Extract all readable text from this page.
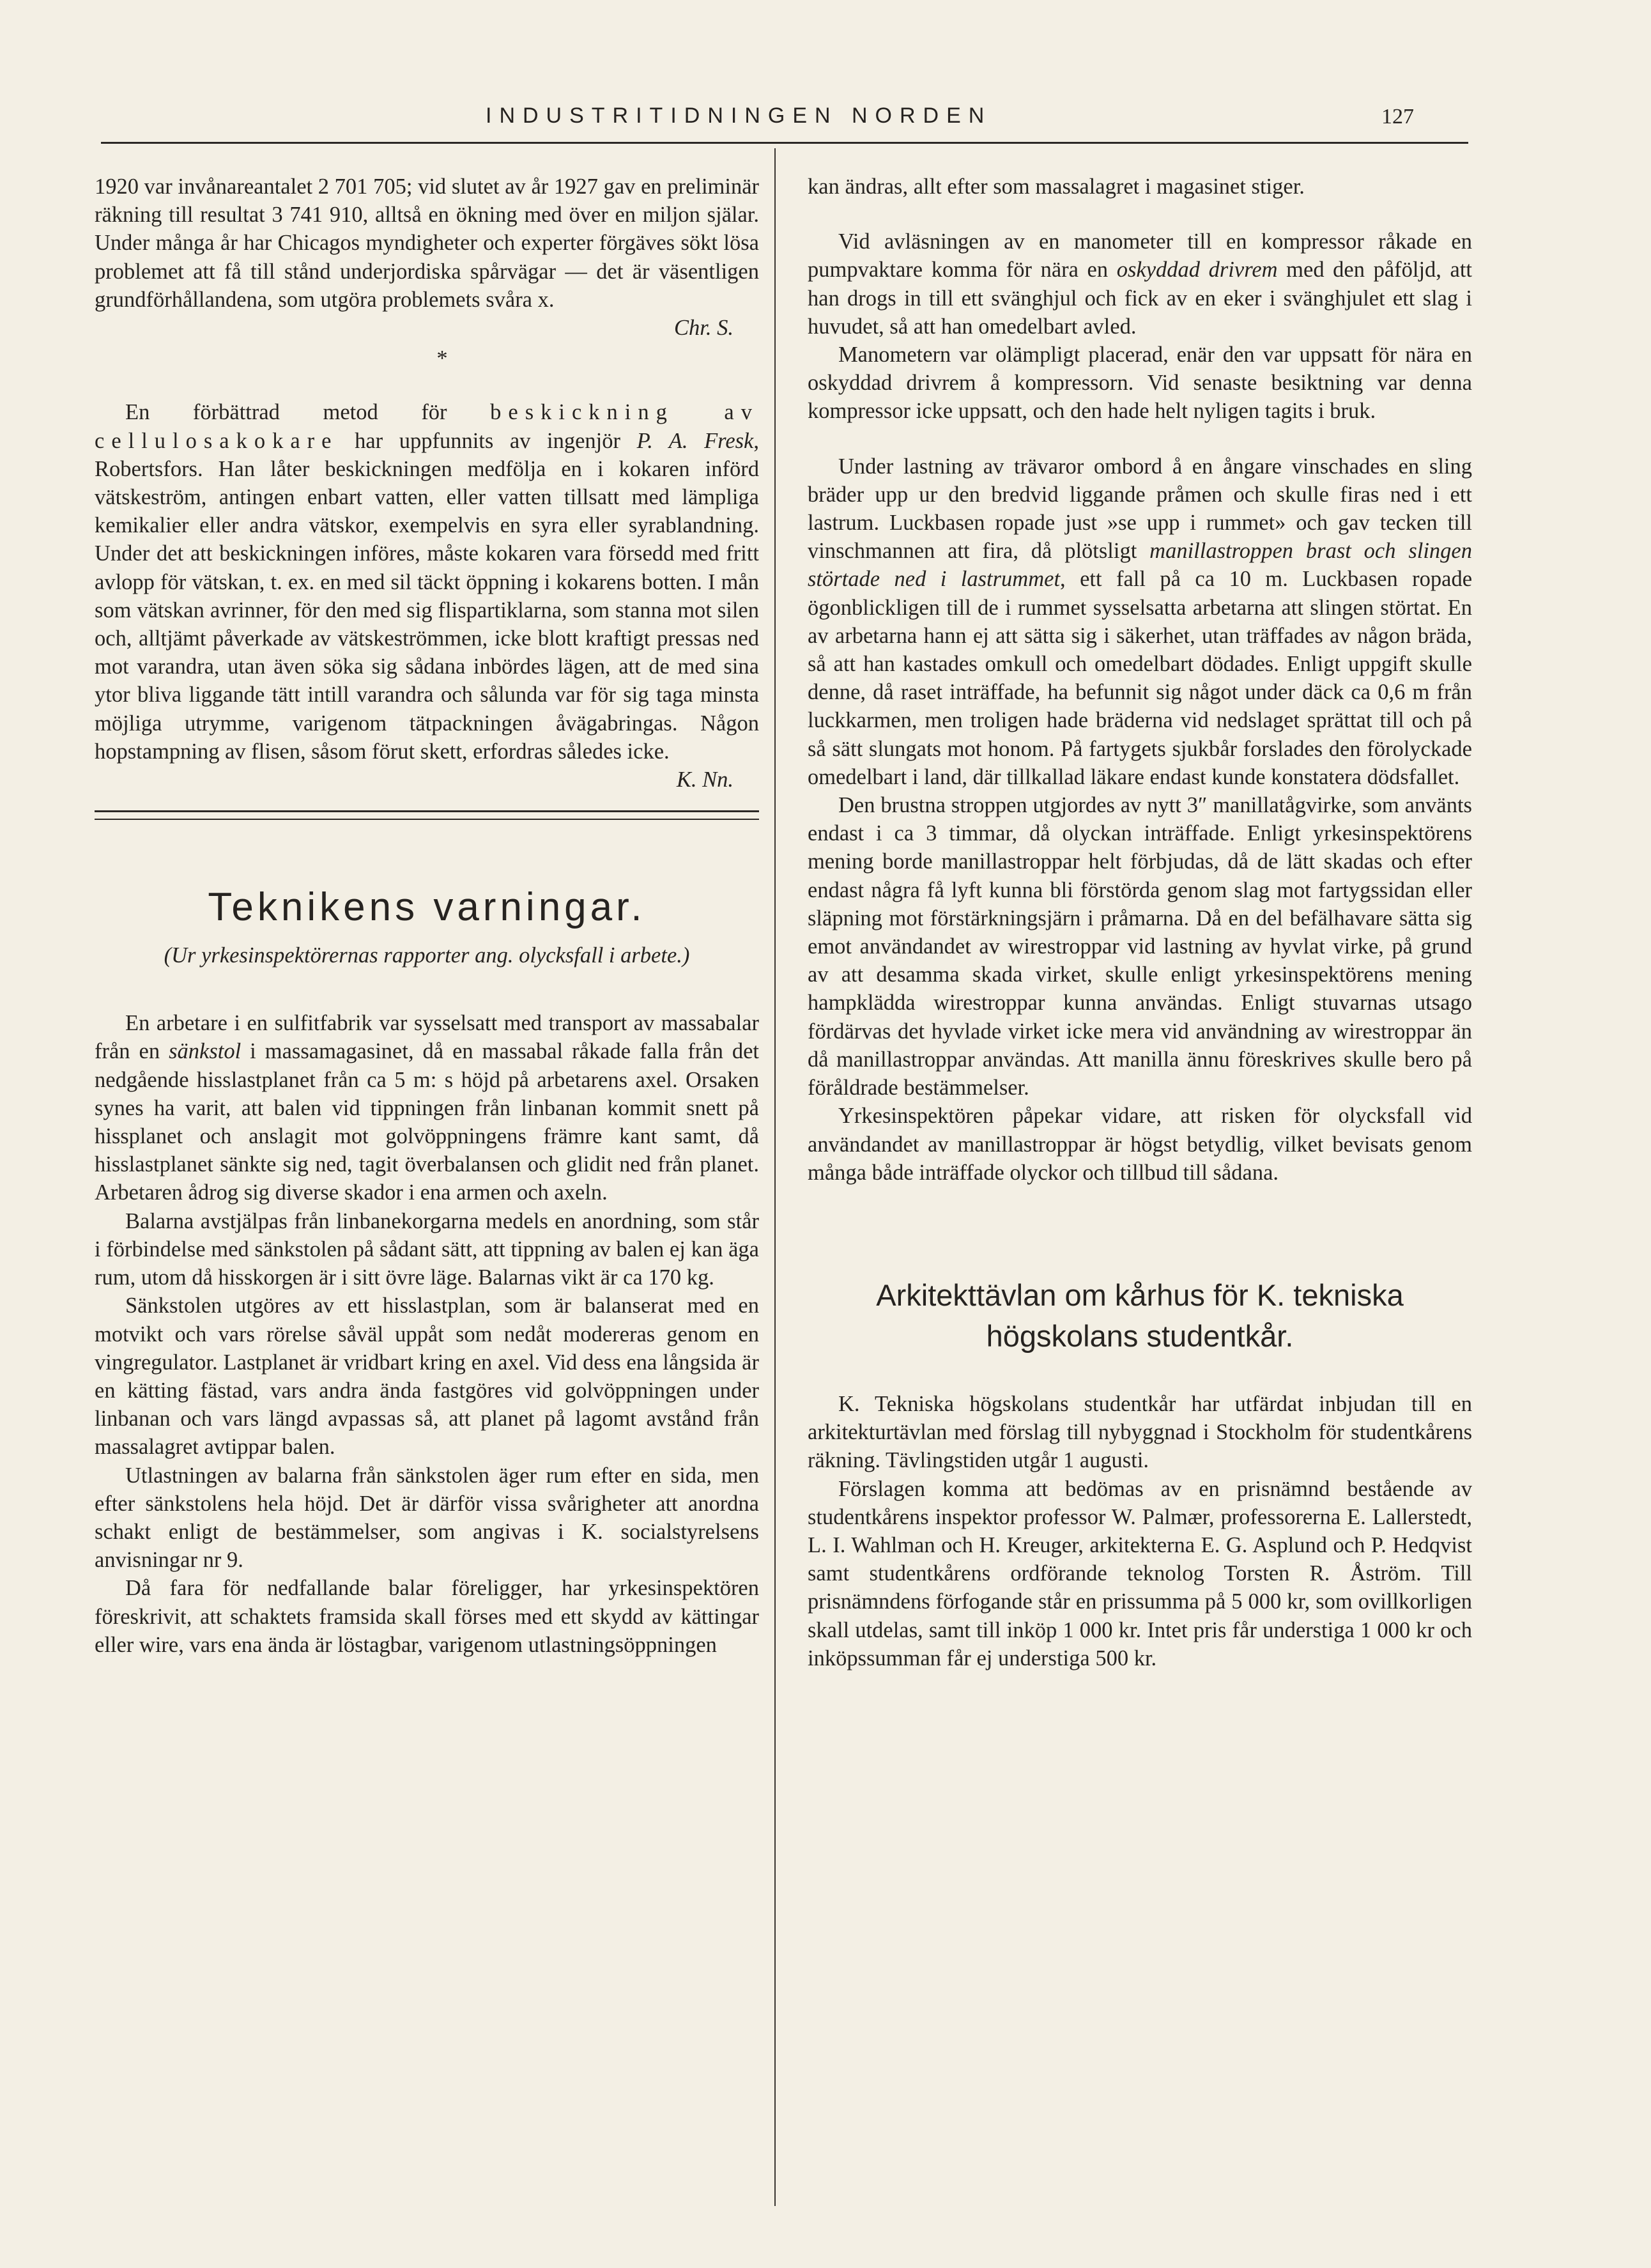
INDUSTRITIDNINGEN NORDEN	127

1920 var invånareantalet 2 701 705; vid slutet av år 1927 gav en preliminär räkning till resultat 3 741 910, alltså en ökning med över en miljon själar. Under många år har Chicagos myndigheter och experter förgäves sökt lösa problemet att få till stånd underjordiska spårvägar — det är väsentligen grundförhållandena, som utgöra problemets svåra x.

Chr. S.

*

En förbättrad metod för beskickning av cellulosakokare har uppfunnits av ingenjör P. A. Fresk, Robertsfors. Han låter beskickningen medfölja en i kokaren införd vätskeström, antingen enbart vatten, eller vatten tillsatt med lämpliga kemikalier eller andra vätskor, exempelvis en syra eller syrablandning. Under det att beskickningen införes, måste kokaren vara försedd med fritt avlopp för vätskan, t. ex. en med sil täckt öppning i kokarens botten. I mån som vätskan avrinner, för den med sig flispartiklarna, som stanna mot silen och, alltjämt påverkade av vätskeströmmen, icke blott kraftigt pressas ned mot varandra, utan även söka sig sådana inbördes lägen, att de med sina ytor bliva liggande tätt intill varandra och sålunda var för sig taga minsta möjliga utrymme, varigenom tätpackningen åvägabringas. Någon hopstampning av flisen, såsom förut skett, erfordras således icke.

K. Nn.

Teknikens varningar.
(Ur yrkesinspektörernas rapporter ang. olycksfall i arbete.)

En arbetare i en sulfitfabrik var sysselsatt med transport av massabalar från en sänkstol i massamagasinet, då en massabal råkade falla från det nedgående hisslastplanet från ca 5 m: s höjd på arbetarens axel. Orsaken synes ha varit, att balen vid tippningen från linbanan kommit snett på hissplanet och anslagit mot golvöppningens främre kant samt, då hisslastplanet sänkte sig ned, tagit överbalansen och glidit ned från planet. Arbetaren ådrog sig diverse skador i ena armen och axeln.

Balarna avstjälpas från linbanekorgarna medels en anordning, som står i förbindelse med sänkstolen på sådant sätt, att tippning av balen ej kan äga rum, utom då hisskorgen är i sitt övre läge. Balarnas vikt är ca 170 kg.

Sänkstolen utgöres av ett hisslastplan, som är balanserat med en motvikt och vars rörelse såväl uppåt som nedåt modereras genom en vingregulator. Lastplanet är vridbart kring en axel. Vid dess ena långsida är en kätting fästad, vars andra ända fastgöres vid golvöppningen under linbanan och vars längd avpassas så, att planet på lagomt avstånd från massalagret avtippar balen.

Utlastningen av balarna från sänkstolen äger rum efter en sida, men efter sänkstolens hela höjd. Det är därför vissa svårigheter att anordna schakt enligt de bestämmelser, som angivas i K. socialstyrelsens anvisningar nr 9.

Då fara för nedfallande balar föreligger, har yrkesinspektören föreskrivit, att schaktets framsida skall förses med ett skydd av kättingar eller wire, vars ena ända är löstagbar, varigenom utlastningsöppningen

kan ändras, allt efter som massalagret i magasinet stiger.

Vid avläsningen av en manometer till en kompressor råkade en pumpvaktare komma för nära en oskyddad drivrem med den påföljd, att han drogs in till ett svänghjul och fick av en eker i svänghjulet ett slag i huvudet, så att han omedelbart avled.

Manometern var olämpligt placerad, enär den var uppsatt för nära en oskyddad drivrem å kompressorn. Vid senaste besiktning var denna kompressor icke uppsatt, och den hade helt nyligen tagits i bruk.

Under lastning av trävaror ombord å en ångare vinschades en sling bräder upp ur den bredvid liggande pråmen och skulle firas ned i ett lastrum. Luckbasen ropade just »se upp i rummet» och gav tecken till vinschmannen att fira, då plötsligt manillastroppen brast och slingen störtade ned i lastrummet, ett fall på ca 10 m. Luckbasen ropade ögonblickligen till de i rummet sysselsatta arbetarna att slingen störtat. En av arbetarna hann ej att sätta sig i säkerhet, utan träffades av någon bräda, så att han kastades omkull och omedelbart dödades. Enligt uppgift skulle denne, då raset inträffade, ha befunnit sig något under däck ca 0,6 m från luckkarmen, men troligen hade bräderna vid nedslaget sprättat till och på så sätt slungats mot honom. På fartygets sjukbår forslades den förolyckade omedelbart i land, där tillkallad läkare endast kunde konstatera dödsfallet.

Den brustna stroppen utgjordes av nytt 3″ manillatågvirke, som använts endast i ca 3 timmar, då olyckan inträffade. Enligt yrkesinspektörens mening borde manillastroppar helt förbjudas, då de lätt skadas och efter endast några få lyft kunna bli förstörda genom slag mot fartygssidan eller släpning mot förstärkningsjärn i pråmarna. Då en del befälhavare sätta sig emot användandet av wirestroppar vid lastning av hyvlat virke, på grund av att desamma skada virket, skulle enligt yrkesinspektörens mening hampklädda wirestroppar kunna användas. Enligt stuvarnas utsago fördärvas det hyvlade virket icke mera vid användning av wirestroppar än då manillastroppar användas. Att manilla ännu föreskrives skulle bero på föråldrade bestämmelser.

Yrkesinspektören påpekar vidare, att risken för olycksfall vid användandet av manillastroppar är högst betydlig, vilket bevisats genom många både inträffade olyckor och tillbud till sådana.

Arkitekttävlan om kårhus för K. tekniska
högskolans studentkår.

K. Tekniska högskolans studentkår har utfärdat inbjudan till en arkitekturtävlan med förslag till nybyggnad i Stockholm för studentkårens räkning. Tävlingstiden utgår 1 augusti.

Förslagen komma att bedömas av en prisnämnd bestående av studentkårens inspektor professor W. Palmær, professorerna E. Lallerstedt, L. I. Wahlman och H. Kreuger, arkitekterna E. G. Asplund och P. Hedqvist samt studentkårens ordförande teknolog Torsten R. Åström. Till prisnämndens förfogande står en prissumma på 5 000 kr, som ovillkorligen skall utdelas, samt till inköp 1 000 kr. Intet pris får understiga 1 000 kr och inköpssumman får ej understiga 500 kr.
